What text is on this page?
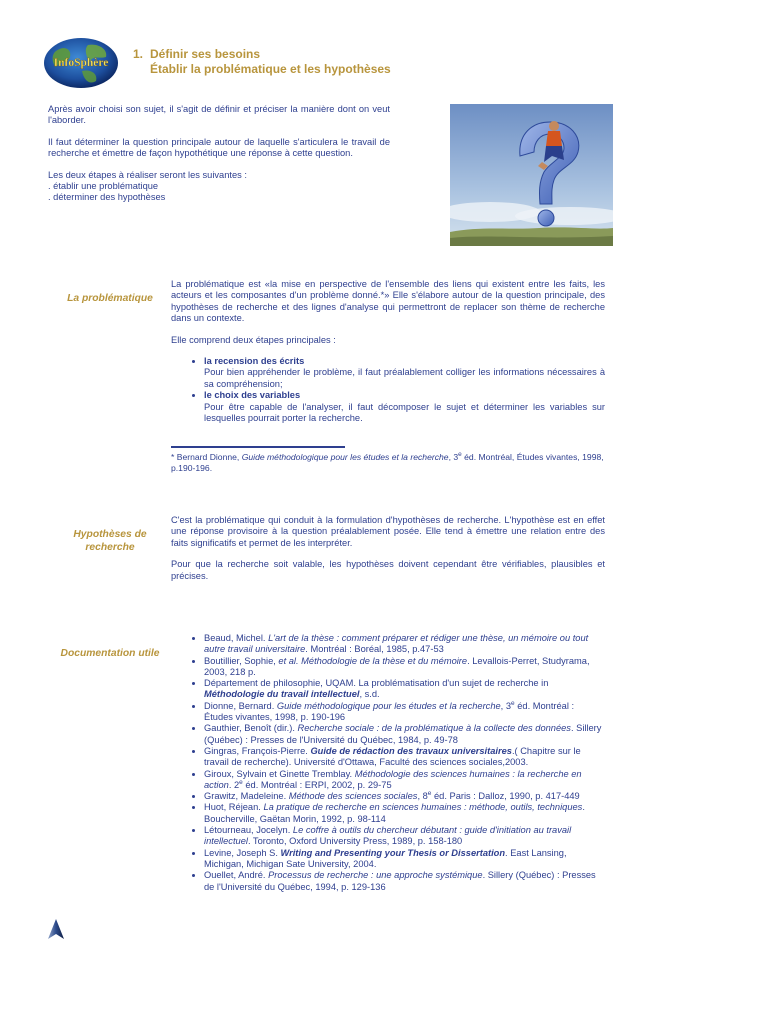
InfoSphère
1. Définir ses besoins
Établir la problématique et les hypothèses

Après avoir choisi son sujet, il s'agit de définir et préciser la manière dont on veut l'aborder.

Il faut déterminer la question principale autour de laquelle s'articulera le travail de recherche et émettre de façon hypothétique une réponse à cette question.

Les deux étapes à réaliser seront les suivantes :

. établir une problématique

. déterminer des hypothèses

La problématique

La problématique est «la mise en perspective de l'ensemble des liens qui existent entre les faits, les acteurs et les composantes d'un problème donné.*» Elle s'élabore autour de la question principale, des hypothèses de recherche et des lignes d'analyse qui permettront de replacer son thème de recherche dans un contexte.

Elle comprend deux étapes principales :

• la recension des écrits
Pour bien appréhender le problème, il faut préalablement colliger les informations nécessaires à sa compréhension;
• le choix des variables
Pour être capable de l'analyser, il faut décomposer le sujet et déterminer les variables sur lesquelles pourrait porter la recherche.
* Bernard Dionne, Guide méthodologique pour les études et la recherche, 3e éd. Montréal, Études vivantes, 1998, p.190-196.
Hypothèses de recherche

C'est la problématique qui conduit à la formulation d'hypothèses de recherche. L'hypothèse est en effet une réponse provisoire à la question préalablement posée. Elle tend à émettre une relation entre des faits significatifs et permet de les interpréter.

Pour que la recherche soit valable, les hypothèses doivent cependant être vérifiables, plausibles et précises.

Documentation utile
• Beaud, Michel. L'art de la thèse : comment préparer et rédiger une thèse, un mémoire ou tout autre travail universitaire. Montréal : Boréal, 1985, p.47-53
• Boutillier, Sophie, et al. Méthodologie de la thèse et du mémoire. Levallois-Perret, Studyrama, 2003, 218 p.
• Département de philosophie, UQAM. La problématisation d'un sujet de recherche in Méthodologie du travail intellectuel, s.d.
• Dionne, Bernard. Guide méthodologique pour les études et la recherche, 3e éd. Montréal : Études vivantes, 1998, p. 190-196
• Gauthier, Benoît (dir.). Recherche sociale : de la problématique à la collecte des données. Sillery (Québec) : Presses de l'Université du Québec, 1984, p. 49-78
• Gingras, François-Pierre. Guide de rédaction des travaux universitaires.( Chapitre sur le travail de recherche). Université d'Ottawa, Faculté des sciences sociales,2003.
• Giroux, Sylvain et Ginette Tremblay. Méthodologie des sciences humaines : la recherche en action. 2e éd. Montréal : ERPI, 2002, p. 29-75
• Grawitz, Madeleine. Méthode des sciences sociales, 8e éd. Paris : Dalloz, 1990, p. 417-449
• Huot, Réjean. La pratique de recherche en sciences humaines : méthode, outils, techniques. Boucherville, Gaëtan Morin, 1992, p. 98-114
• Létourneau, Jocelyn. Le coffre à outils du chercheur débutant : guide d'initiation au travail intellectuel. Toronto, Oxford University Press, 1989, p. 158-180
• Levine, Joseph S. Writing and Presenting your Thesis or Dissertation. East Lansing, Michigan, Michigan Sate University, 2004.
• Ouellet, André. Processus de recherche : une approche systémique. Sillery (Québec) : Presses de l'Université du Québec, 1994, p. 129-136
